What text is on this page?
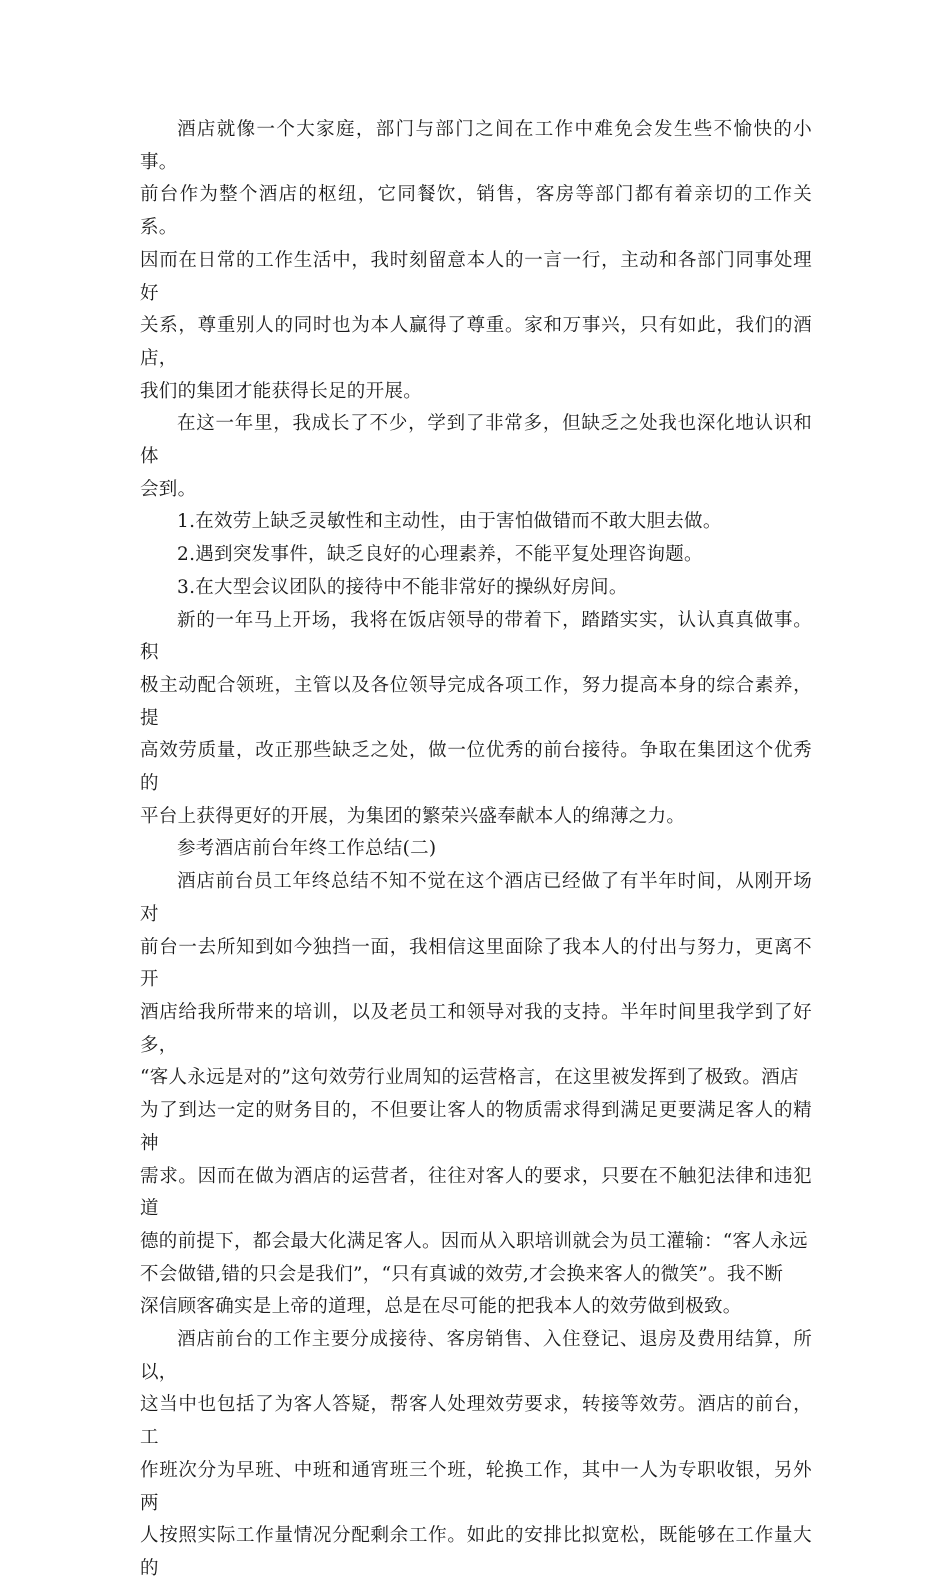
酒店就像一个大家庭，部门与部门之间在工作中难免会发生些不愉快的小事。
前台作为整个酒店的枢纽，它同餐饮，销售，客房等部门都有着亲切的工作关系。
因而在日常的工作生活中，我时刻留意本人的一言一行，主动和各部门同事处理好
关系，尊重别人的同时也为本人赢得了尊重。家和万事兴，只有如此，我们的酒店，
我们的集团才能获得长足的开展。

在这一年里，我成长了不少，学到了非常多，但缺乏之处我也深化地认识和体
会到。

1.在效劳上缺乏灵敏性和主动性，由于害怕做错而不敢大胆去做。

2.遇到突发事件，缺乏良好的心理素养，不能平复处理咨询题。

3.在大型会议团队的接待中不能非常好的操纵好房间。

新的一年马上开场，我将在饭店领导的带着下，踏踏实实，认认真真做事。积
极主动配合领班，主管以及各位领导完成各项工作，努力提高本身的综合素养，提
高效劳质量，改正那些缺乏之处，做一位优秀的前台接待。争取在集团这个优秀的
平台上获得更好的开展，为集团的繁荣兴盛奉献本人的绵薄之力。

参考酒店前台年终工作总结(二)

酒店前台员工年终总结不知不觉在这个酒店已经做了有半年时间，从刚开场对
前台一去所知到如今独挡一面，我相信这里面除了我本人的付出与努力，更离不开
酒店给我所带来的培训，以及老员工和领导对我的支持。半年时间里我学到了好多，
“客人永远是对的”这句效劳行业周知的运营格言，在这里被发挥到了极致。酒店
为了到达一定的财务目的，不但要让客人的物质需求得到满足更要满足客人的精神
需求。因而在做为酒店的运营者，往往对客人的要求，只要在不触犯法律和违犯道
德的前提下，都会最大化满足客人。因而从入职培训就会为员工灌输：“客人永远
不会做错,错的只会是我们”，“只有真诚的效劳,才会换来客人的微笑”。我不断
深信顾客确实是上帝的道理，总是在尽可能的把我本人的效劳做到极致。

酒店前台的工作主要分成接待、客房销售、入住登记、退房及费用结算，所以，
这当中也包括了为客人答疑，帮客人处理效劳要求，转接等效劳。酒店的前台，工
作班次分为早班、中班和通宵班三个班，轮换工作，其中一人为专职收银，另外两
人按照实际工作量情况分配剩余工作。如此的安排比拟宽松，既能够在工作量大的
